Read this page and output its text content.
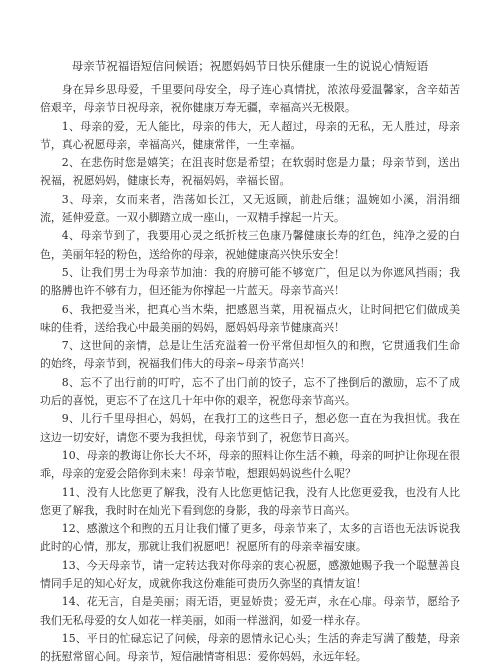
母亲节祝福语短信问候语；祝愿妈妈节日快乐健康一生的说说心情短语

身在异乡思母爱，千里要问母安全，母子连心真情扰，浓浓母爱温馨家，含辛茹苦倍艰辛，母亲节日祝母亲，祝你健康万寿无疆，幸福高兴无极限。

1、母亲的爱，无人能比，母亲的伟大，无人超过，母亲的无私，无人胜过，母亲节，真心祝愿母亲，幸福高兴，健康常伴，一生幸福。

2、在悲伤时您是嬉笑；在沮丧时您是希望；在软弱时您是力量；母亲节到，送出祝福，祝愿妈妈，健康长寿，祝福妈妈，幸福长留。

3、母亲，女而来者，浩荡如长江，又无返顾，前赴后继；温婉如小溪，涓涓细流，延伸爱意。一双小脚踏立成一座山，一双精手撑起一片天。

4、母亲节到了，我要用心灵之纸折枝三色康乃馨健康长寿的红色，纯净之爱的白色，美丽年轻的粉色，送给你的母亲，祝她健康高兴快乐安全！

5、让我们男士为母亲节加油：我的府膀可能不够宽广，但足以为你遮风挡雨；我的胳膊也许不够有力，但还能为你撑起一片蓝天。母亲节高兴！

6、我把爱当米，把真心当木柴，把感恩当菜，用祝福点火，让时间把它们做成美味的佳肴，送给我心中最美丽的妈妈，愿妈妈母亲节健康高兴！

7、这世间的亲情，总是让生活充溢着一份平常但却恒久的和煦，它贯通我们生命的始终，母亲节到，祝福我们伟大的母亲~母亲节高兴！

8、忘不了出行前的叮咛，忘不了出门前的饺子，忘不了挫倒后的激励，忘不了成功后的喜悦，更忘不了在这几十年中你的艰辛，祝您母亲节高兴。

9、儿行千里母担心，妈妈，在我打工的这些日子，想必您一直在为我担忧。我在这边一切安好，请您不要为我担忧，母亲节到了，祝您节日高兴。

10、母亲的教诲让你长大不坏，母亲的照料让你生活不赖，母亲的呵护让你现在很乖，母亲的宠爱会陪你到未来！母亲节啦，想跟妈妈说些什么呢？

11、没有人比您更了解我，没有人比您更惦记我，没有人比您更爱我，也没有人比您更了解我，我时时在灿光下看到您的身影，我的母亲节日高兴。

12、感激这个和煦的五月让我们懂了更多，母亲节来了，太多的言语也无法诉说我此时的心情，那友，那就让我们祝愿吧！祝愿所有的母亲幸福安康。

13、今天母亲节，请一定转达我对你母亲的衷心祝愿，感激她赐予我一个聪慧善良情同手足的知心好友，成就你我这份难能可贵历久弥坚的真情友谊！

14、花无言，自是美丽；雨无语，更显娇贵；爱无声，永在心扉。母亲节，愿给予我们无私母爱的女人如花一样美丽，如雨一样滋润，如爱一样永存。

15、平日的忙碌忘记了问候，母亲的恩情永记心头；生活的奔走写满了酸楚，母亲的抚慰常留心间。母亲节，短信融情寄相思：爱你妈妈，永远年轻。
